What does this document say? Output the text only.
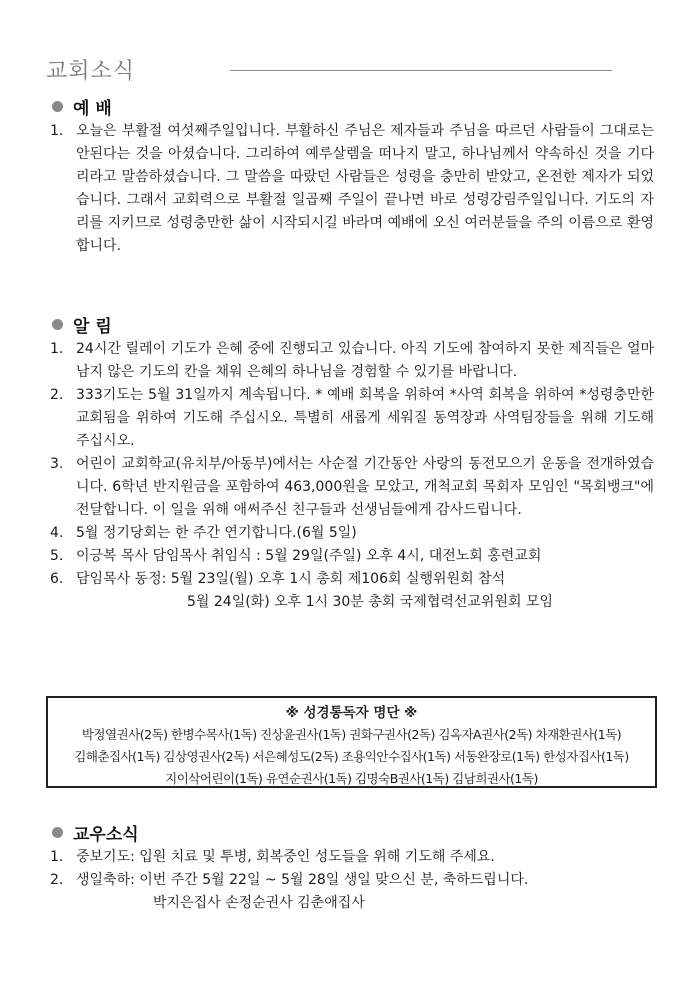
교회소식
예 배
1. 오늘은 부활절 여섯째주일입니다. 부활하신 주님은 제자들과 주님을 따르던 사람들이 그대로는 안된다는 것을 아셨습니다. 그리하여 예루살렘을 떠나지 말고, 하나님께서 약속하신 것을 기다리라고 말씀하셨습니다. 그 말씀을 따랐던 사람들은 성령을 충만히 받았고, 온전한 제자가 되었습니다. 그래서 교회력으로 부활절 일곱째 주일이 끝나면 바로 성령강림주일입니다. 기도의 자리를 지키므로 성령충만한 삶이 시작되시길 바라며 예배에 오신 여러분들을 주의 이름으로 환영합니다.
알 림
1. 24시간 릴레이 기도가 은혜 중에 진행되고 있습니다. 아직 기도에 참여하지 못한 제직들은 얼마남지 않은 기도의 칸을 채워 은혜의 하나님을 경험할 수 있기를 바랍니다.
2. 333기도는 5월 31일까지 계속됩니다. * 예배 회복을 위하여 *사역 회복을 위하여 *성령충만한 교회됨을 위하여 기도해 주십시오. 특별히 새롭게 세워질 동역장과 사역팀장들을 위해 기도해 주십시오.
3. 어린이 교회학교(유치부/아동부)에서는 사순절 기간동안 사랑의 동전모으기 운동을 전개하였습니다. 6학년 반지원금을 포함하여 463,000원을 모았고, 개척교회 목회자 모임인 "목회뱅크"에 전달합니다. 이 일을 위해 애써주신 친구들과 선생님들에게 감사드립니다.
4. 5월 정기당회는 한 주간 연기합니다.(6월 5일)
5. 이긍복 목사 담임목사 취임식 : 5월 29일(주일) 오후 4시, 대전노회 홍련교회
6. 담임목사 동정: 5월 23일(월) 오후 1시 총회 제106회 실행위원회 참석
5월 24일(화) 오후 1시 30분 총회 국제협력선교위원회 모임
※ 성경통독자 명단 ※
박정열권사(2독) 한병수목사(1독) 진상윤권사(1독) 권화구권사(2독) 김옥자A권사(2독) 차재환권사(1독)
김해춘집사(1독) 김상영권사(2독) 서은혜성도(2독) 조용익안수집사(1독) 서동완장로(1독) 한성자집사(1독)
지이삭어린이(1독) 유연순권사(1독) 김명숙B권사(1독) 김남희권사(1독)
교우소식
1. 중보기도: 입원 치료 및 투병, 회복중인 성도들을 위해 기도해 주세요.
2. 생일축하: 이번 주간 5월 22일 ~ 5월 28일 생일 맞으신 분, 축하드립니다.
박지은집사 손정순권사 김춘애집사
